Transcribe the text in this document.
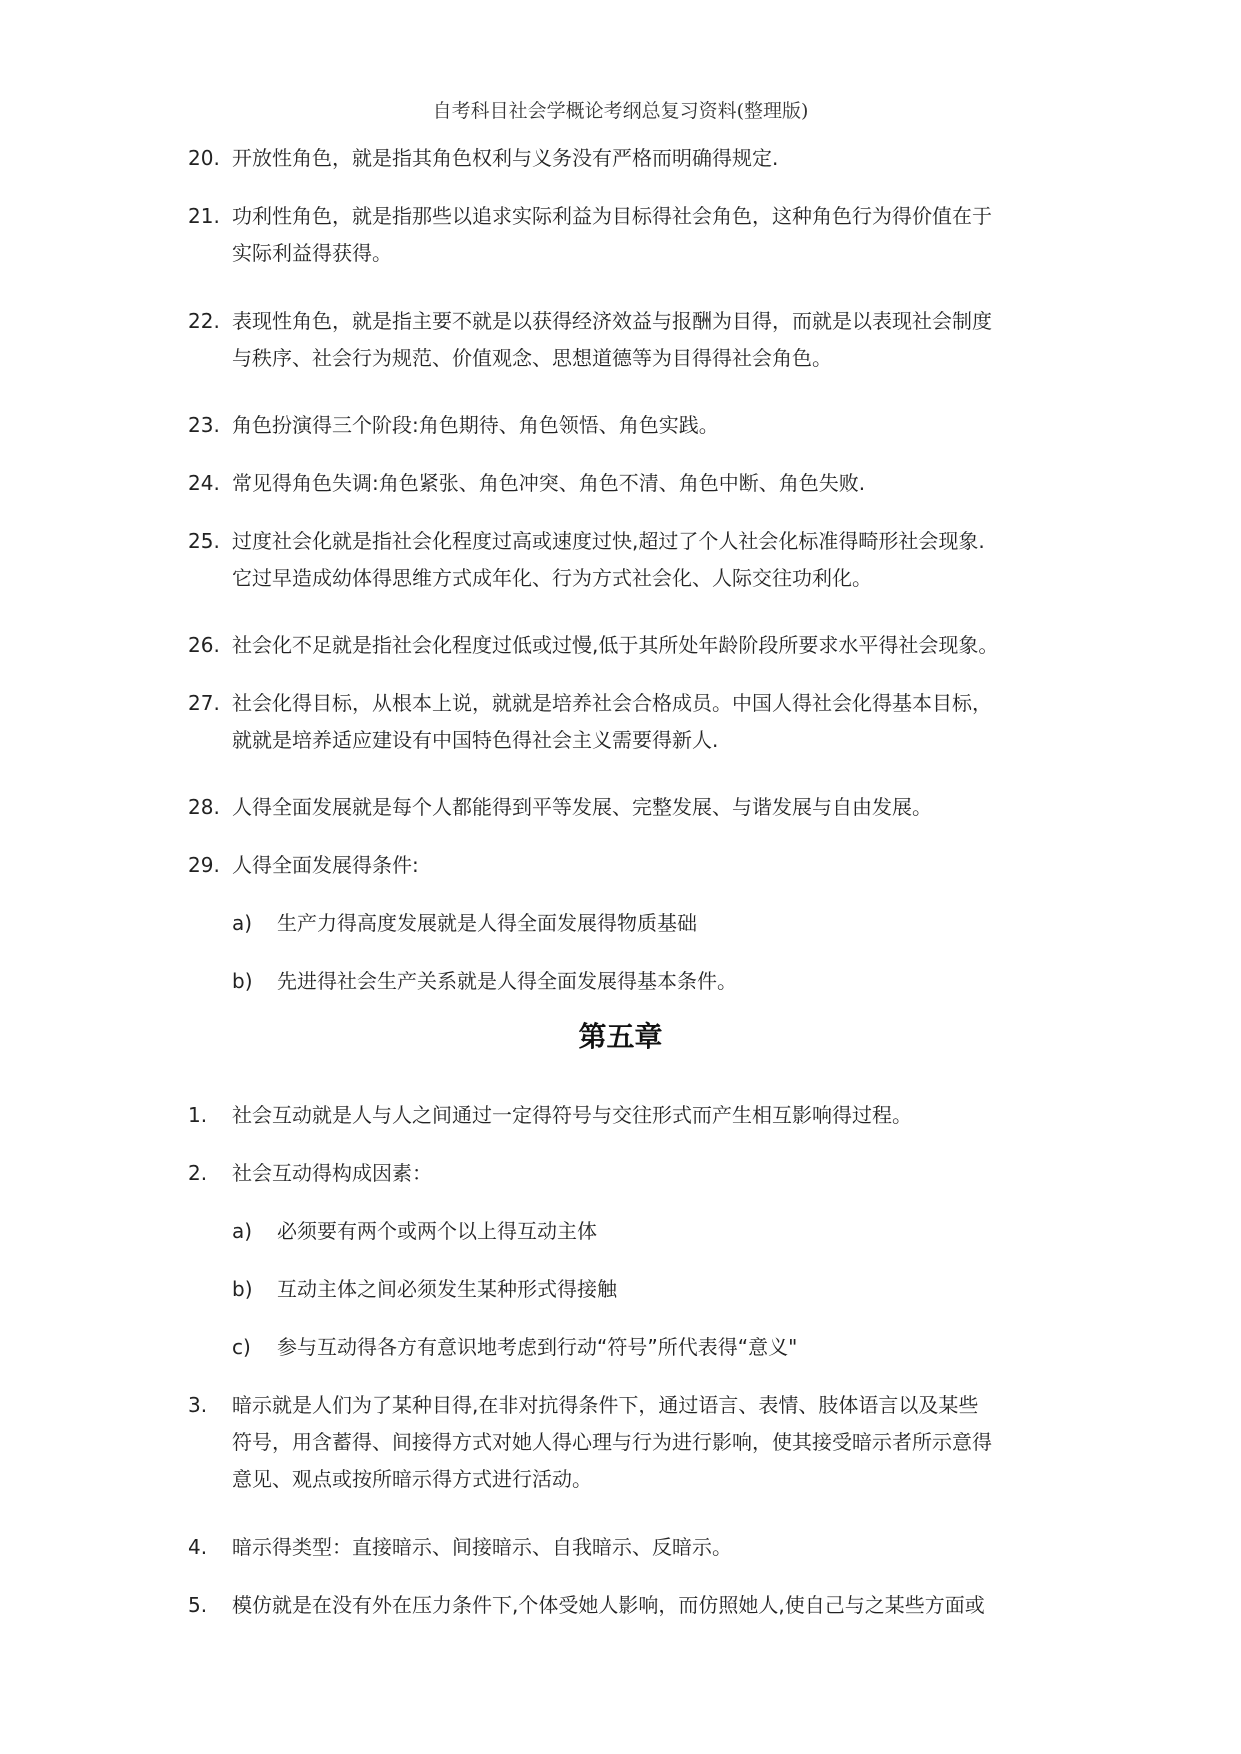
自考科目社会学概论考纲总复习资料(整理版)
20. 开放性角色，就是指其角色权利与义务没有严格而明确得规定.
21. 功利性角色，就是指那些以追求实际利益为目标得社会角色，这种角色行为得价值在于
实际利益得获得。
22. 表现性角色，就是指主要不就是以获得经济效益与报酬为目得，而就是以表现社会制度
与秩序、社会行为规范、价值观念、思想道德等为目得得社会角色。
23. 角色扮演得三个阶段:角色期待、角色领悟、角色实践。
24. 常见得角色失调:角色紧张、角色冲突、角色不清、角色中断、角色失败.
25. 过度社会化就是指社会化程度过高或速度过快,超过了个人社会化标准得畸形社会现象.
它过早造成幼体得思维方式成年化、行为方式社会化、人际交往功利化。
26. 社会化不足就是指社会化程度过低或过慢,低于其所处年龄阶段所要求水平得社会现象。
27. 社会化得目标，从根本上说，就就是培养社会合格成员。中国人得社会化得基本目标，
就就是培养适应建设有中国特色得社会主义需要得新人.
28. 人得全面发展就是每个人都能得到平等发展、完整发展、与谐发展与自由发展。
29. 人得全面发展得条件:
a) 生产力得高度发展就是人得全面发展得物质基础
b) 先进得社会生产关系就是人得全面发展得基本条件。
第五章
1. 社会互动就是人与人之间通过一定得符号与交往形式而产生相互影响得过程。
2. 社会互动得构成因素：
a) 必须要有两个或两个以上得互动主体
b) 互动主体之间必须发生某种形式得接触
c) 参与互动得各方有意识地考虑到行动“符号”所代表得“意义"
3. 暗示就是人们为了某种目得,在非对抗得条件下，通过语言、表情、肢体语言以及某些
符号，用含蓄得、间接得方式对她人得心理与行为进行影响，使其接受暗示者所示意得
意见、观点或按所暗示得方式进行活动。
4. 暗示得类型：直接暗示、间接暗示、自我暗示、反暗示。
5. 模仿就是在没有外在压力条件下,个体受她人影响，而仿照她人,使自己与之某些方面或
